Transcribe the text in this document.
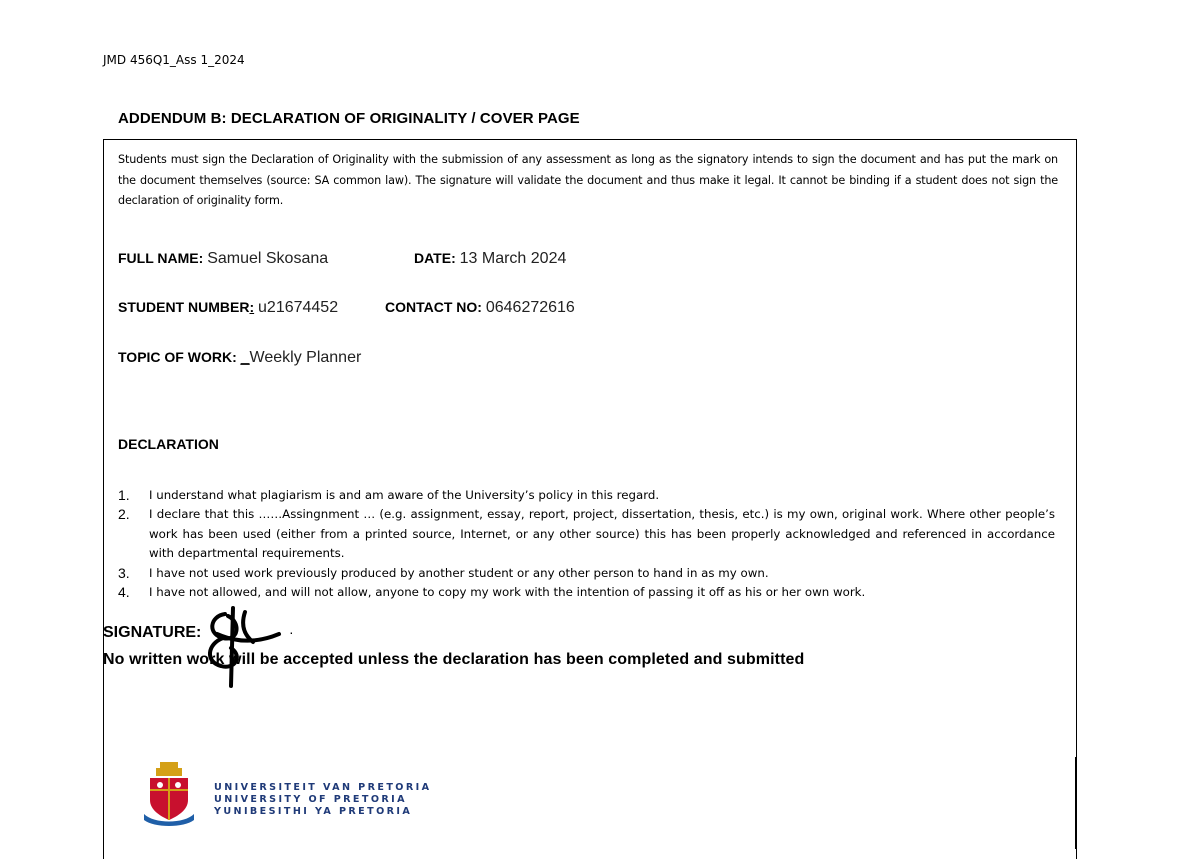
JMD 456Q1_Ass 1_2024
ADDENDUM B: DECLARATION OF ORIGINALITY / COVER PAGE
Students must sign the Declaration of Originality with the submission of any assessment as long as the signatory intends to sign the document and has put the mark on the document themselves (source: SA common law). The signature will validate the document and thus make it legal. It cannot be binding if a student does not sign the declaration of originality form.
FULL NAME: Samuel Skosana	DATE: 13 March 2024
STUDENT NUMBER: u21674452	CONTACT NO: 0646272616
TOPIC OF WORK: _Weekly Planner
DECLARATION
1. I understand what plagiarism is and am aware of the University’s policy in this regard.
2. I declare that this ……Assingnment … (e.g. assignment, essay, report, project, dissertation, thesis, etc.) is my own, original work. Where other people’s work has been used (either from a printed source, Internet, or any other source) this has been properly acknowledged and referenced in accordance with departmental requirements.
3. I have not used work previously produced by another student or any other person to hand in as my own.
4. I have not allowed, and will not allow, anyone to copy my work with the intention of passing it off as his or her own work.
SIGNATURE:	·
No written work will be accepted unless the declaration has been completed and submitted
UNIVERSITEIT VAN PRETORIA
UNIVERSITY OF PRETORIA
YUNIBESITHI YA PRETORIA
